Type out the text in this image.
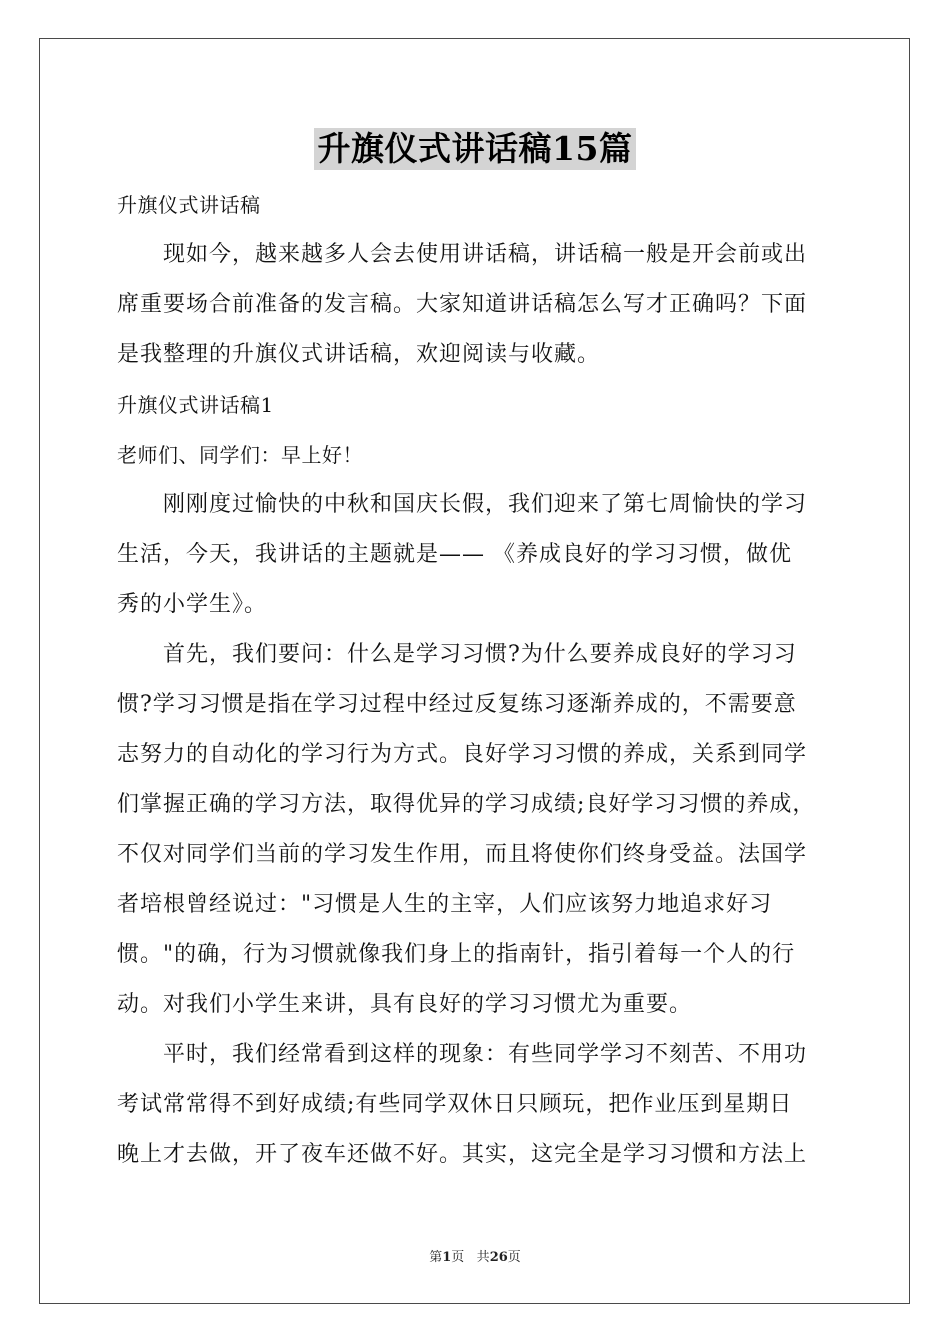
升旗仪式讲话稿15篇
升旗仪式讲话稿
现如今，越来越多人会去使用讲话稿，讲话稿一般是开会前或出
席重要场合前准备的发言稿。大家知道讲话稿怎么写才正确吗？下面
是我整理的升旗仪式讲话稿，欢迎阅读与收藏。
升旗仪式讲话稿1
老师们、同学们：早上好！
刚刚度过愉快的中秋和国庆长假，我们迎来了第七周愉快的学习
生活，今天，我讲话的主题就是—— 《养成良好的学习习惯，做优
秀的小学生》。
首先，我们要问：什么是学习习惯?为什么要养成良好的学习习
惯?学习习惯是指在学习过程中经过反复练习逐渐养成的，不需要意
志努力的自动化的学习行为方式。良好学习习惯的养成，关系到同学
们掌握正确的学习方法，取得优异的学习成绩;良好学习习惯的养成，
不仅对同学们当前的学习发生作用，而且将使你们终身受益。法国学
者培根曾经说过："习惯是人生的主宰，人们应该努力地追求好习
惯。"的确，行为习惯就像我们身上的指南针，指引着每一个人的行
动。对我们小学生来讲，具有良好的学习习惯尤为重要。
平时，我们经常看到这样的现象：有些同学学习不刻苦、不用功
考试常常得不到好成绩;有些同学双休日只顾玩，把作业压到星期日
晚上才去做，开了夜车还做不好。其实，这完全是学习习惯和方法上
第1页 共26页
